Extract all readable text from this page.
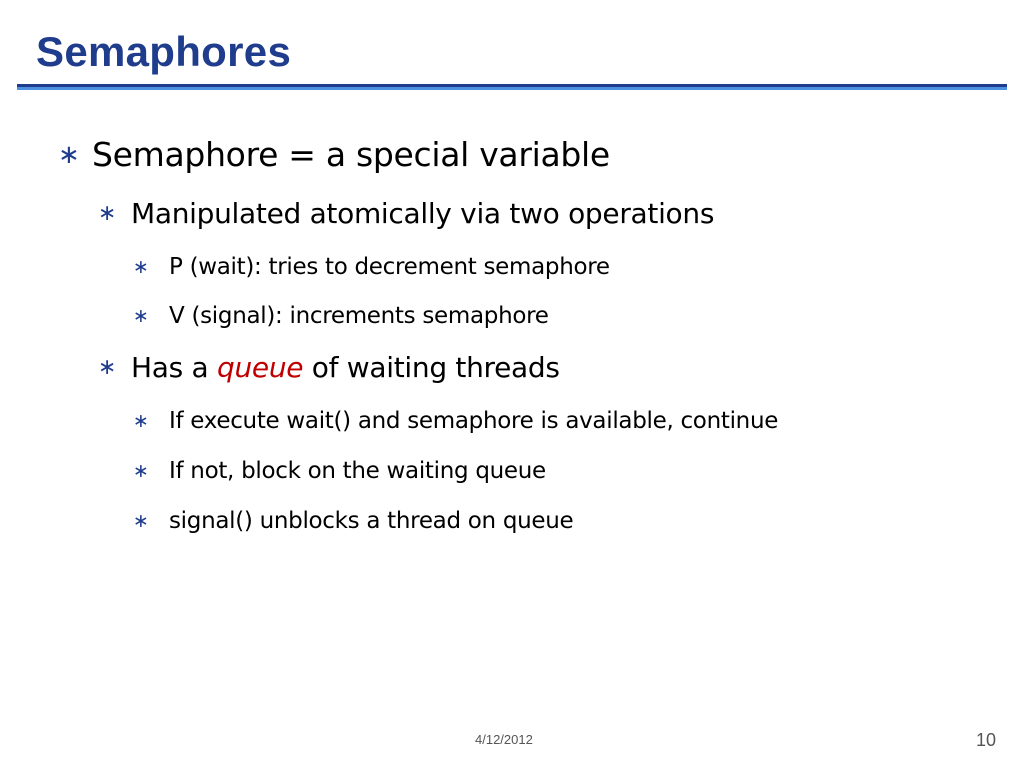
Semaphores
∗ Semaphore = a special variable
∗ Manipulated atomically via two operations
∗ P (wait): tries to decrement semaphore
∗ V (signal): increments semaphore
∗ Has a queue of waiting threads
∗ If execute wait() and semaphore is available, continue
∗ If not, block on the waiting queue
∗ signal() unblocks a thread on queue
4/12/2012	10
